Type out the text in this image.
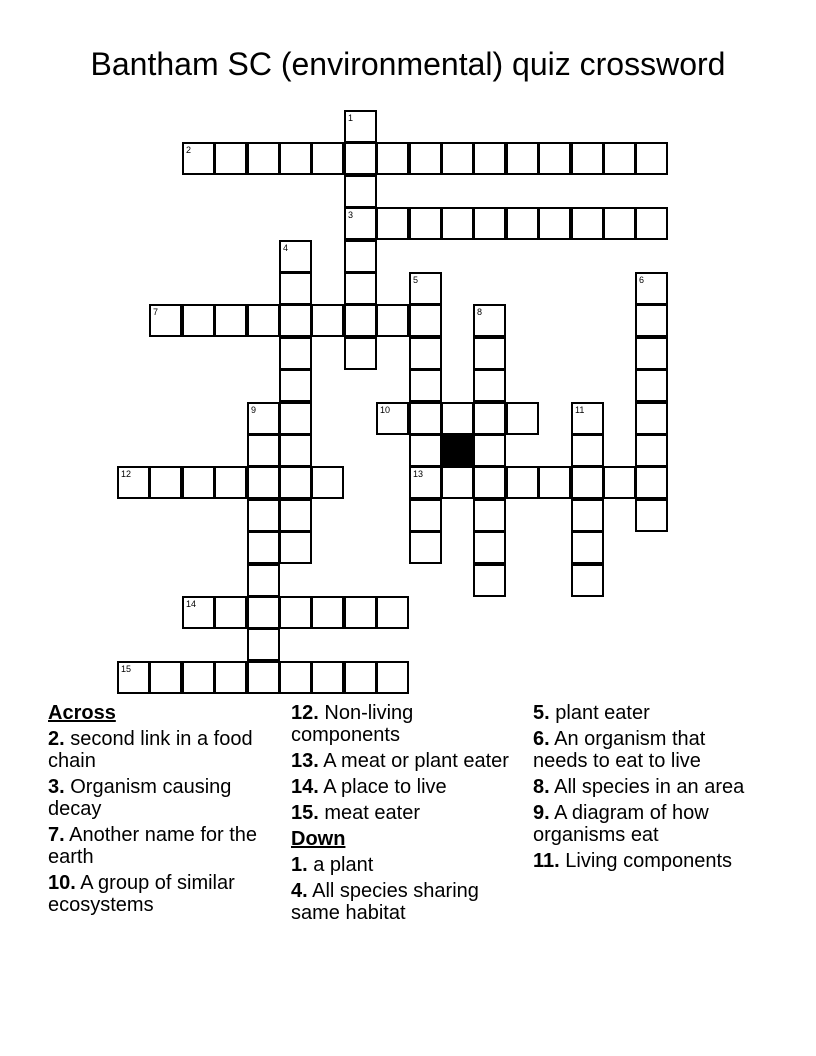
Bantham SC (environmental) quiz crossword
1
3
2
4
5
13
6
7	8
9	10	11
12
14
15
Across
2. second link in a food chain
3. Organism causing decay
7. Another name for the earth
10. A group of similar ecosystems
12. Non-living components
13. A meat or plant eater
14. A place to live
15. meat eater
Down
1. a plant
4. All species sharing same habitat
5. plant eater
6. An organism that needs to eat to live
8. All species in an area
9. A diagram of how organisms eat
11. Living components
